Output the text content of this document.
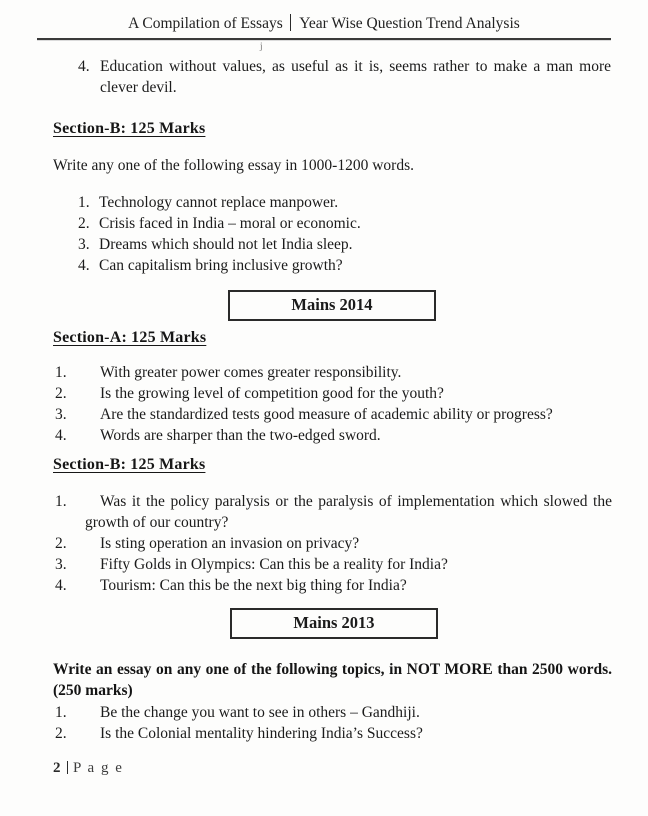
A Compilation of Essays Year Wise Question Trend Analysis
j
4. Education without values, as useful as it is, seems rather to make a man more clever devil.
Section-B: 125 Marks
Write any one of the following essay in 1000-1200 words.
1. Technology cannot replace manpower.
2. Crisis faced in India – moral or economic.
3. Dreams which should not let India sleep.
4. Can capitalism bring inclusive growth?
Mains 2014
Section-A: 125 Marks
1.	With greater power comes greater responsibility.
2.	Is the growing level of competition good for the youth?
3.	Are the standardized tests good measure of academic ability or progress?
4.	Words are sharper than the two-edged sword.
Section-B: 125 Marks
1.	Was it the policy paralysis or the paralysis of implementation which slowed the growth of our country?
2.	Is sting operation an invasion on privacy?
3.	Fifty Golds in Olympics: Can this be a reality for India?
4.	Tourism: Can this be the next big thing for India?
Mains 2013
Write an essay on any one of the following topics, in NOT MORE than 2500 words. (250 marks)
1.	Be the change you want to see in others – Gandhiji.
2.	Is the Colonial mentality hindering India’s Success?
2 P a g e
